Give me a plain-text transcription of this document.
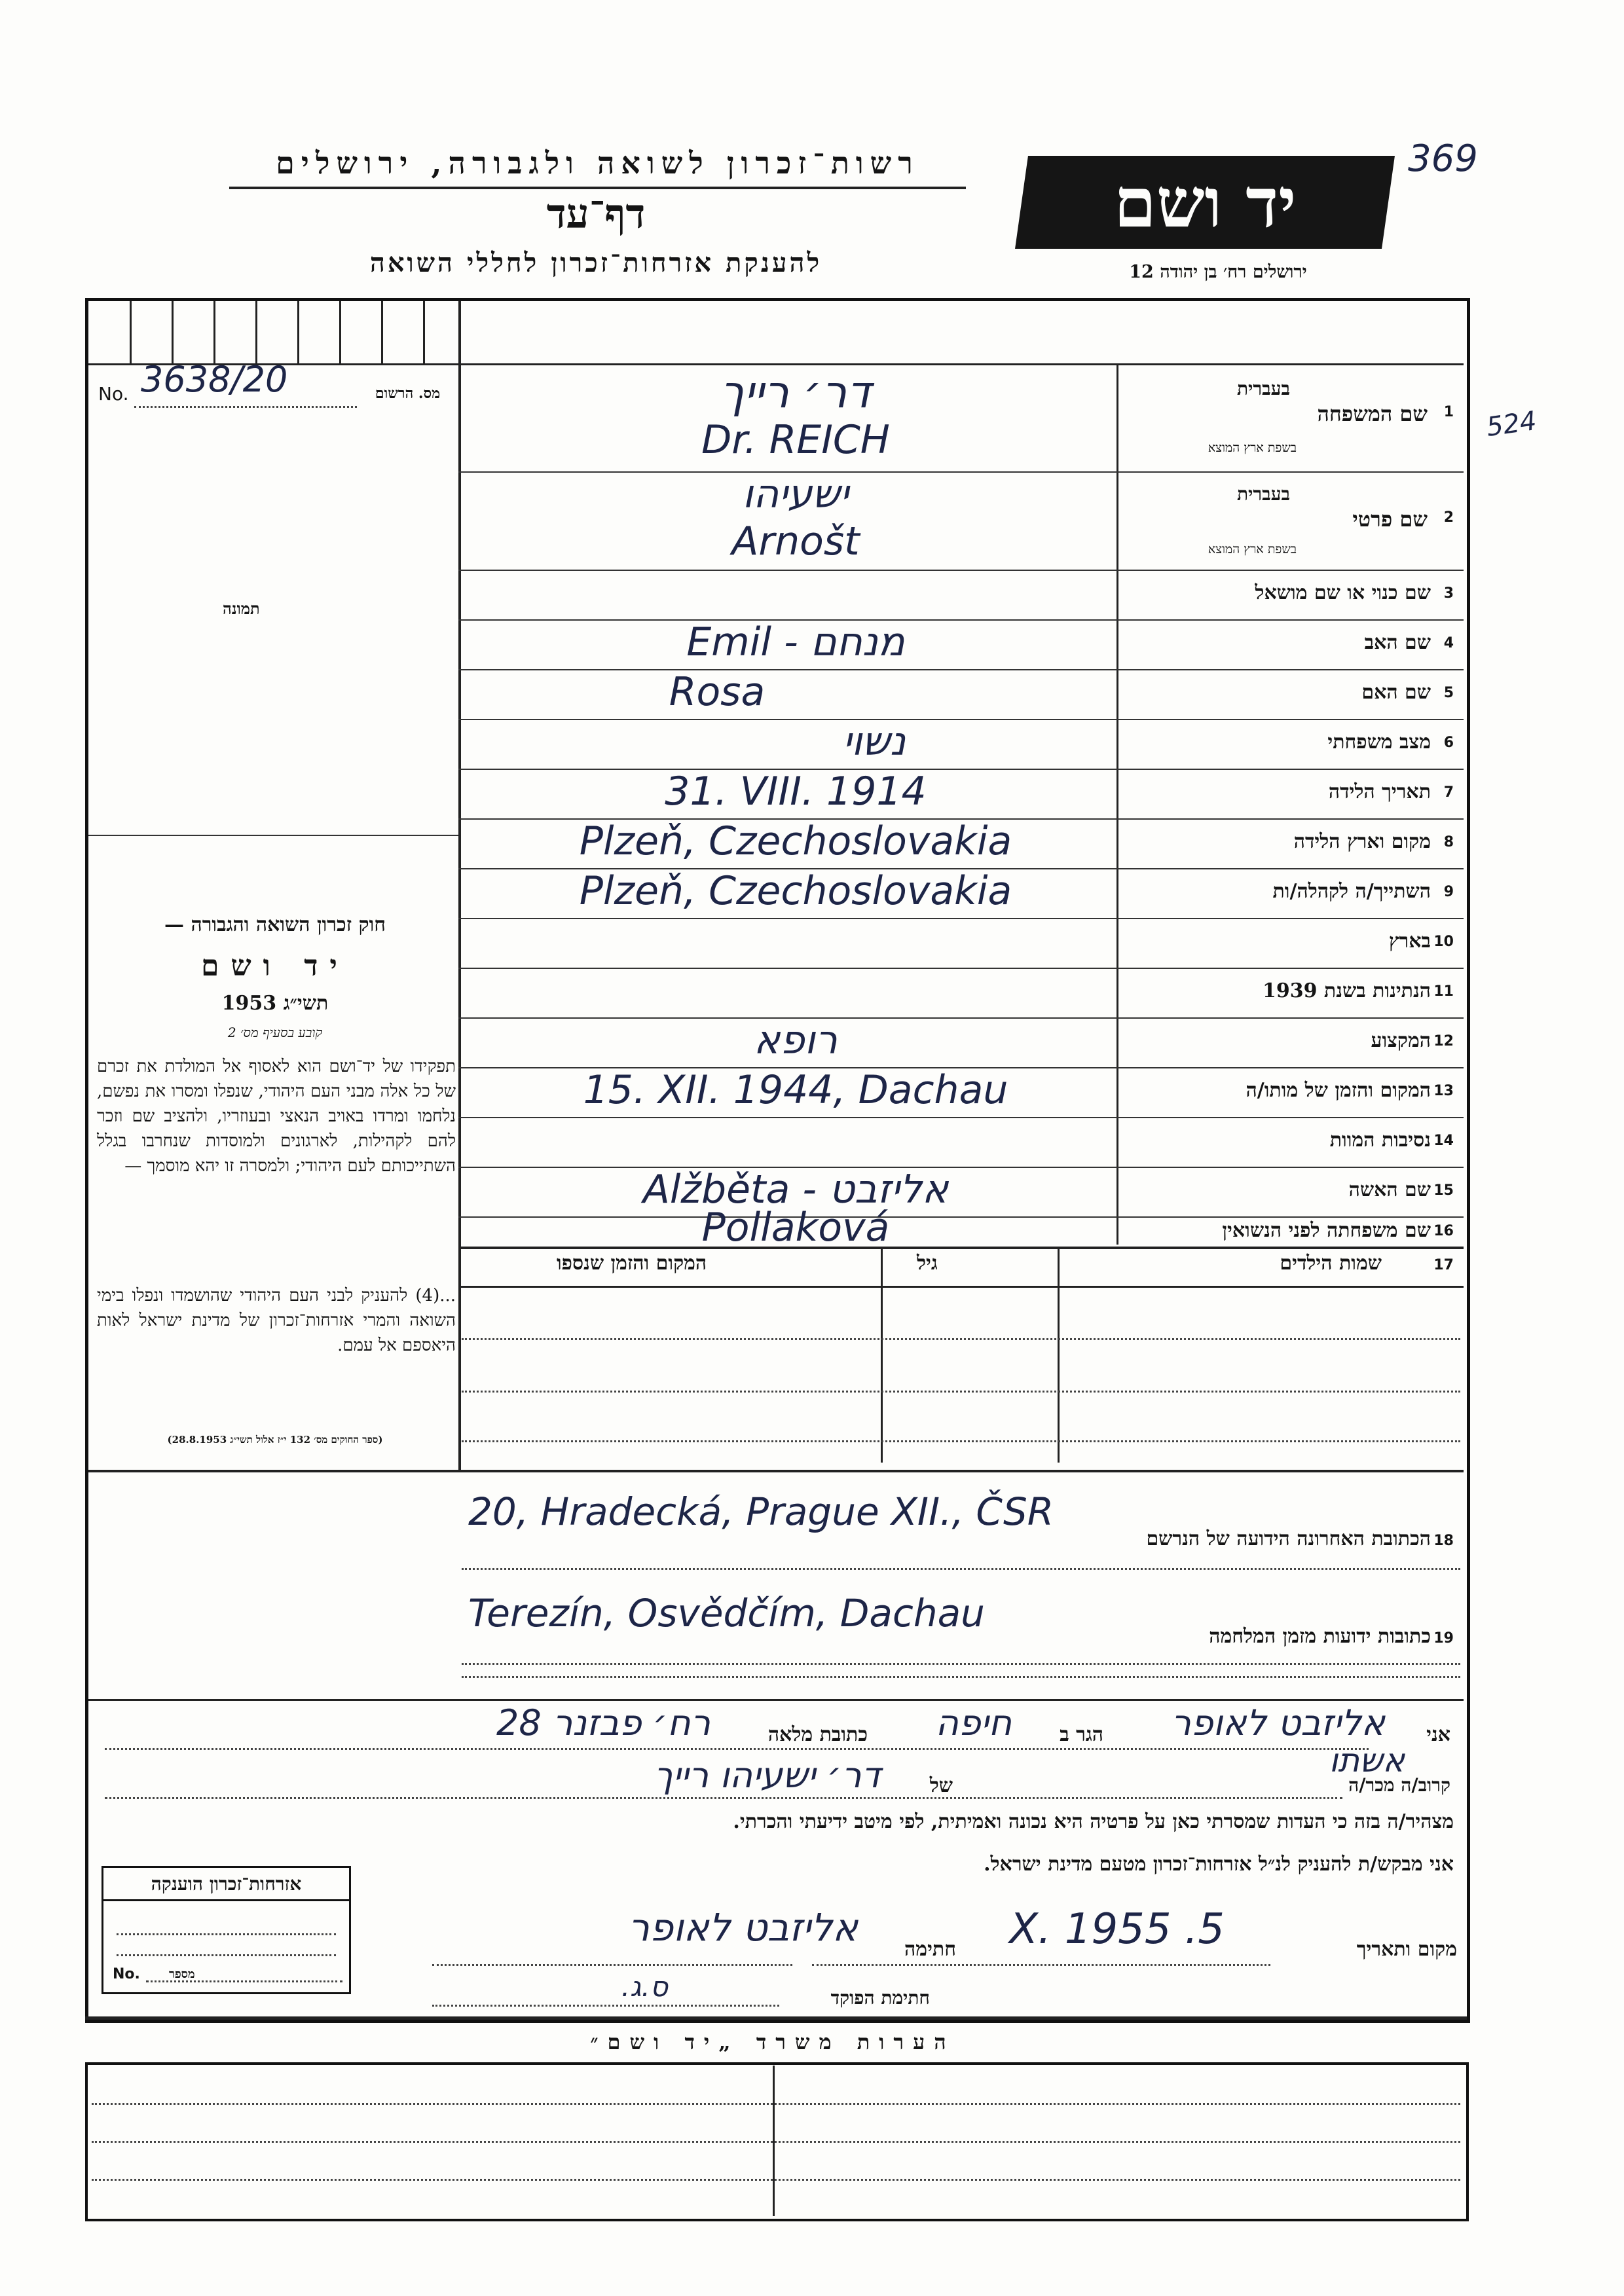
רשות־זכרון לשואה ולגבורה, ירושלים
דף־עד
להענקת אזרחות־זכרון לחללי השואה
יד ושם
ירושלים רח׳ בן יהודה 12
369
No. 3638/20	מס. הרשום
תמונה
חוק זכרון השואה והגבורה —
יד ושם
תשי״ג 1953
קובע בסעיף מס׳ 2
תפקידו של יד־ושם הוא לאסוף אל המולדת את זכרם של כל אלה מבני העם היהודי, שנפלו ומסרו את נפשם, נלחמו ומרדו באויב הנאצי ובעוזריו, ולהציב שם וזכר להם לקהילות, לארגונים ולמוסדות שנחרבו בגלל השתייכותם לעם היהודי; ולמסרה זו יהא מוסמך —
...(4) להעניק לבני העם היהודי שהושמדו ונפלו בימי השואה והמרי אזרחות־זכרון של מדינת ישראל לאות היאספם אל עמם.
(ספר החוקים מס׳ 132 י״ז אלול תשי״ג 28.8.1953)
דר׳ רייך
Dr. REICH
1
שם המשפחה
בעברית
בשפת ארץ המוצא
ישעיהו
Arnošt
2
שם פרטי
בעברית
בשפת ארץ המוצא
3
שם כנוי או שם מושאל
Emil - מנחם	4
שם האב
Rosa	5
שם האם
נשוי	6
מצב משפחתי
31. VIII. 1914	7
תאריך הלידה
Plzeň, Czechoslovakia	8
מקום וארץ הלידה
Plzeň, Czechoslovakia	9
השתייך/ה לקהלה/ות
10
בארץ
11
הנתינות בשנת 1939
רופא	12
המקצוע
15. XII. 1944, Dachau	13
המקום והזמן של מותו/ה
14
נסיבות המוות
Alžběta - אליזבט	15
שם האשה
Pollaková	16
שם משפחתה לפני הנשואין
17
שמות הילדים
גיל
המקום והזמן שנספו
20, Hradecká, Prague XII., ČSR
18
הכתובת האחרונה הידועה של הנרשם
Terezín, Osvědčím, Dachau
19
כתובות ידועות מזמן המלחמה
אני
אליזבט לאופר
הגר ב
חיפה
כתובת מלאה
רח׳ פבזנר 28
קרוב/ה מכר/ה
אשתו
של
דר׳ ישעיהו רייך
מצהיר/ה בזה כי העדות שמסרתי כאן על פרטיה היא נכונה ואמיתית, לפי מיטב ידיעתי והכרתי.
אני מבקש/ת להעניק לנ״ל אזרחות־זכרון מטעם מדינת ישראל.
אזרחות־זכרון הוענקה
No. מספר
מקום ותאריך
5. X. 1955
חתימה
אליזבט לאופר
חתימת הפוקד
ס.ג.
הערות משרד „יד ושם״
524
